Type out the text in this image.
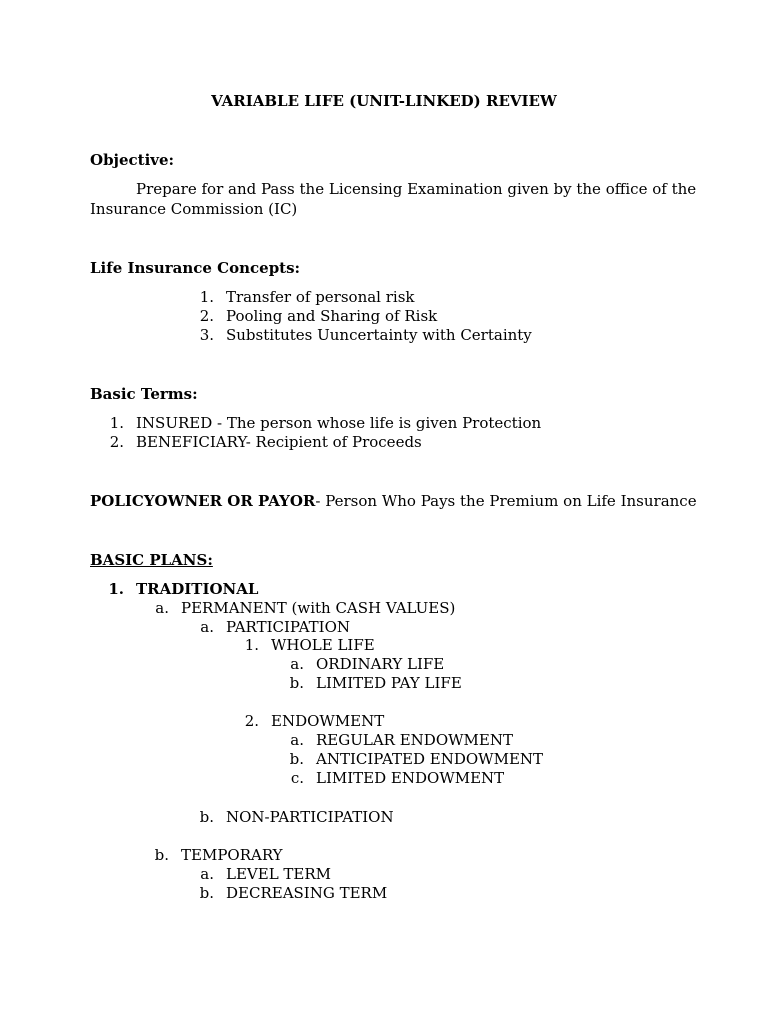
VARIABLE LIFE (UNIT-LINKED) REVIEW
Objective:
Prepare for and Pass the Licensing Examination given by the office of the
Insurance Commission (IC)
Life Insurance Concepts:
1. Transfer of personal risk
2. Pooling and Sharing of Risk
3. Substitutes Uuncertainty with Certainty
Basic Terms:
1. INSURED - The person whose life is given Protection
2. BENEFICIARY- Recipient of Proceeds
POLICYOWNER OR PAYOR- Person Who Pays the Premium on Life Insurance
BASIC PLANS:
1. TRADITIONAL
a. PERMANENT (with CASH VALUES)
a. PARTICIPATION
1. WHOLE LIFE
a. ORDINARY LIFE
b. LIMITED PAY LIFE
2. ENDOWMENT
a. REGULAR ENDOWMENT
b. ANTICIPATED ENDOWMENT
c. LIMITED ENDOWMENT
b. NON-PARTICIPATION
b. TEMPORARY
a. LEVEL TERM
b. DECREASING TERM
